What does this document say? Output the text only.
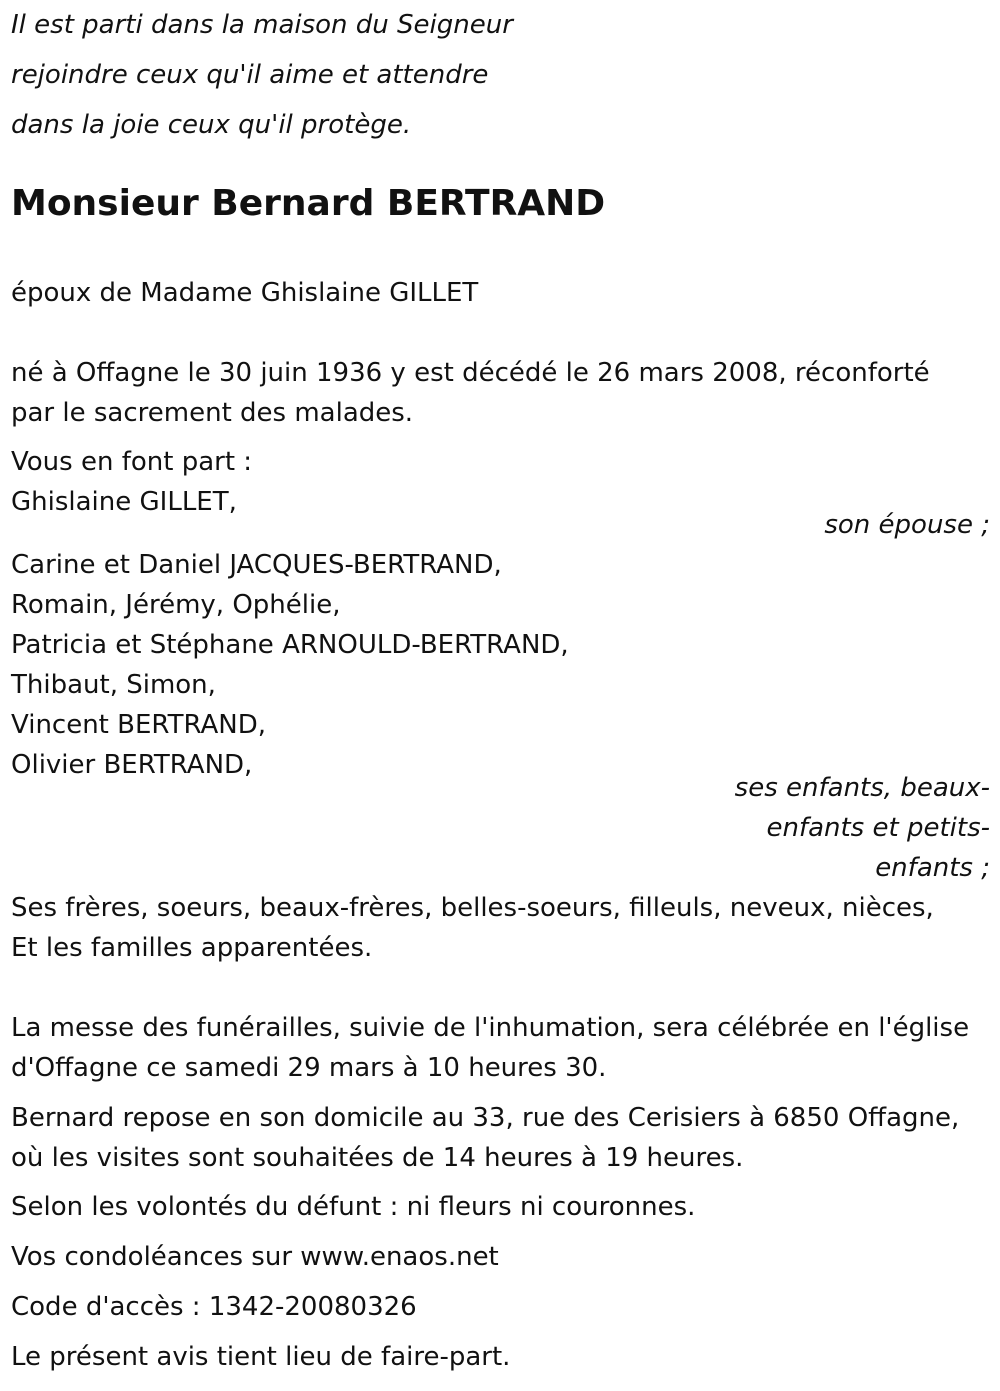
Il est parti dans la maison du Seigneur

rejoindre ceux qu'il aime et attendre

dans la joie ceux qu'il protège.

Monsieur Bernard BERTRAND

époux de Madame Ghislaine GILLET

né à Offagne le 30 juin 1936 y est décédé le 26 mars 2008, réconforté

par le sacrement des malades.

Vous en font part :

Ghislaine GILLET,

son épouse ;

Carine et Daniel JACQUES-BERTRAND,

Romain, Jérémy, Ophélie,

Patricia et Stéphane ARNOULD-BERTRAND,

Thibaut, Simon,

Vincent BERTRAND,

Olivier BERTRAND,

ses enfants, beaux-

enfants et petits-

enfants ;

Ses frères, soeurs, beaux-frères, belles-soeurs, filleuls, neveux, nièces,

Et les familles apparentées.

La messe des funérailles, suivie de l'inhumation, sera célébrée en l'église

d'Offagne ce samedi 29 mars à 10 heures 30.

Bernard repose en son domicile au 33, rue des Cerisiers à 6850 Offagne,

où les visites sont souhaitées de 14 heures à 19 heures.

Selon les volontés du défunt : ni fleurs ni couronnes.

Vos condoléances sur www.enaos.net

Code d'accès : 1342-20080326

Le présent avis tient lieu de faire-part.
